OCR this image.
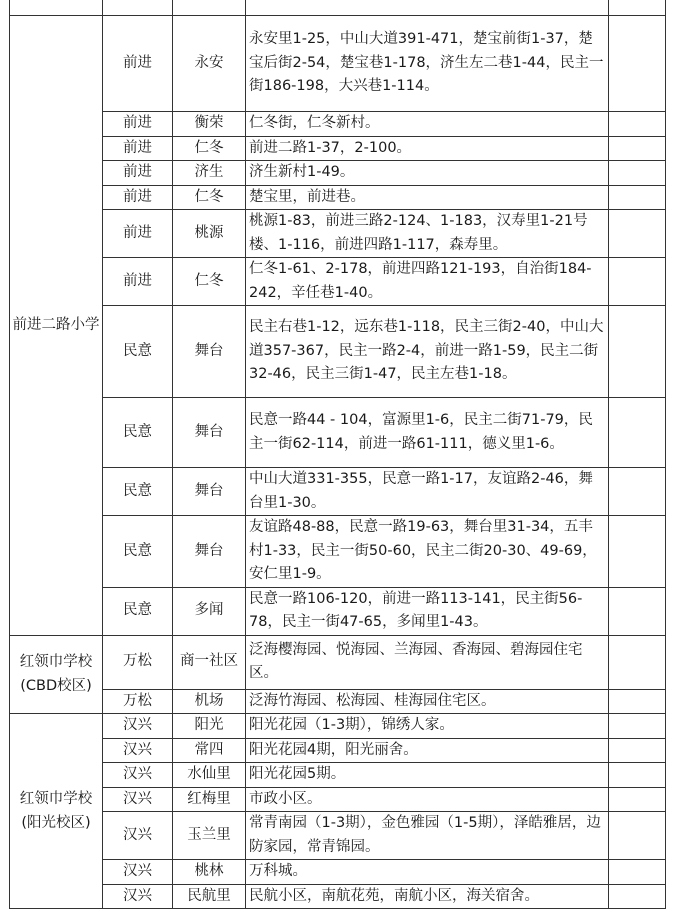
前进二路小学	前进	永安	永安里1-25，中山大道391-471，楚宝前街1-37，楚宝后街2-54，楚宝巷1-178，济生左二巷1-44，民主一街186-198，大兴巷1-114。	
	前进	衡荣	仁冬街，仁冬新村。	
	前进	仁冬	前进二路1-37，2-100。	
	前进	济生	济生新村1-49。	
	前进	仁冬	楚宝里，前进巷。	
	前进	桃源	桃源1-83，前进三路2-124、1-183，汉寿里1-21号楼、1-116，前进四路1-117，森寿里。	
	前进	仁冬	仁冬1-61、2-178，前进四路121-193，自治街184-242，辛任巷1-40。	
	民意	舞台	民主右巷1-12，远东巷1-118，民主三街2-40，中山大道357-367，民主一路2-4，前进一路1-59，民主二街32-46，民主三街1-47，民主左巷1-18。	
	民意	舞台	民意一路44 - 104，富源里1-6，民主二街71-79，民主一街62-114，前进一路61-111，德义里1-6。	
	民意	舞台	中山大道331-355，民意一路1-17，友谊路2-46，舞台里1-30。	
	民意	舞台	友谊路48-88，民意一路19-63，舞台里31-34，五丰村1-33，民主一街50-60，民主二街20-30、49-69，安仁里1-9。	
	民意	多闻	民意一路106-120，前进一路113-141，民主街56-78，民主一街47-65，多闻里1-43。	
红领巾学校(CBD校区)	万松	商一社区	泛海樱海园、悦海园、兰海园、香海园、碧海园住宅区。	
	万松	机场	泛海竹海园、松海园、桂海园住宅区。	
红领巾学校(阳光校区)	汉兴	阳光	阳光花园（1-3期），锦绣人家。	
	汉兴	常四	阳光花园4期，阳光丽舍。	
	汉兴	水仙里	阳光花园5期。	
	汉兴	红梅里	市政小区。	
	汉兴	玉兰里	常青南园（1-3期），金色雅园（1-5期），泽皓雅居，边防家园，常青锦园。	
	汉兴	桃林	万科城。	
	汉兴	民航里	民航小区，南航花苑，南航小区，海关宿舍。	
